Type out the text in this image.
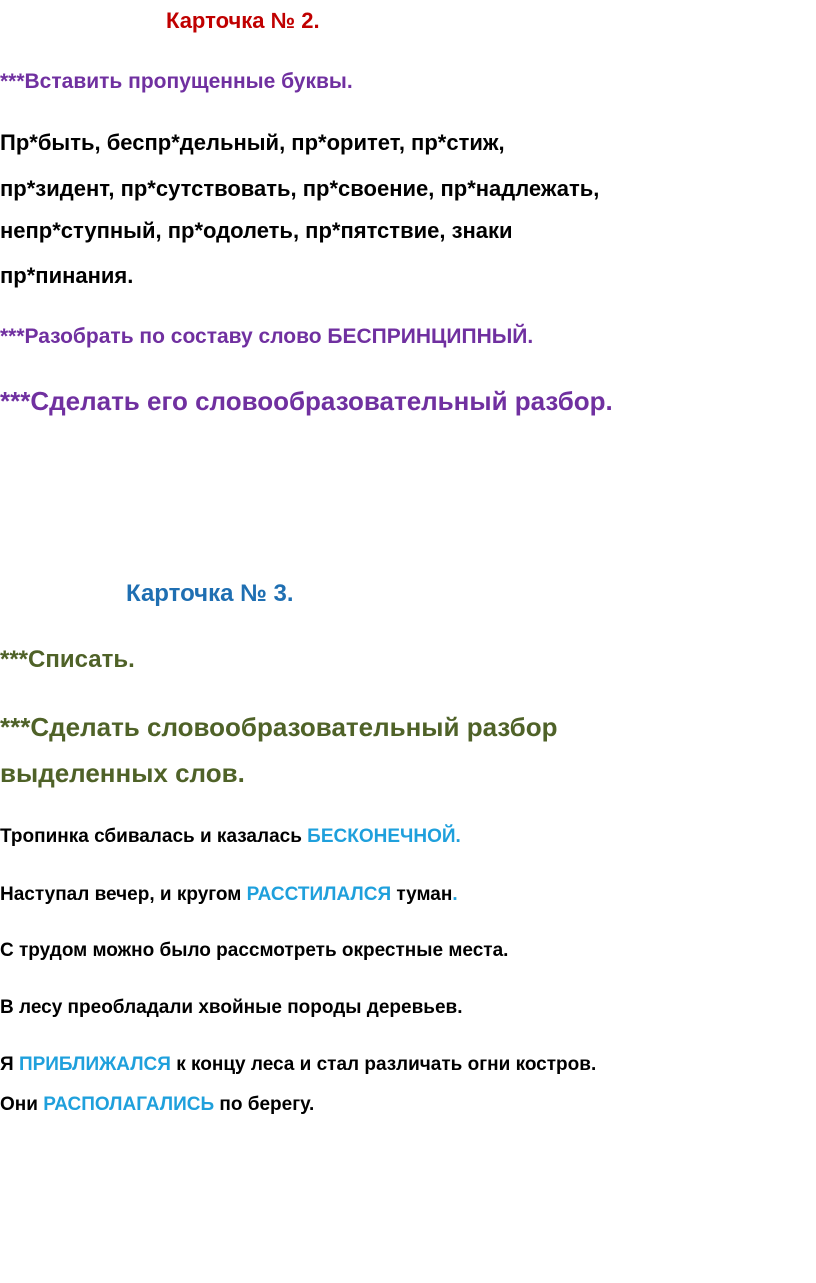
Карточка № 2.
***Вставить пропущенные буквы.
Пр*быть, беспр*дельный, пр*оритет, пр*стиж,
пр*зидент, пр*сутствовать, пр*своение, пр*надлежать,
непр*ступный, пр*одолеть, пр*пятствие, знаки
пр*пинания.
***Разобрать по составу слово БЕСПРИНЦИПНЫЙ.
***Сделать его словообразовательный разбор.
Карточка № 3.
***Списать.
***Сделать словообразовательный разбор
выделенных слов.
Тропинка сбивалась и казалась БЕСКОНЕЧНОЙ.
Наступал вечер, и кругом РАССТИЛАЛСЯ туман.
С трудом можно было рассмотреть окрестные места.
В лесу преобладали хвойные породы деревьев.
Я ПРИБЛИЖАЛСЯ к концу леса и стал различать огни костров.
Они РАСПОЛАГАЛИСЬ по берегу.
